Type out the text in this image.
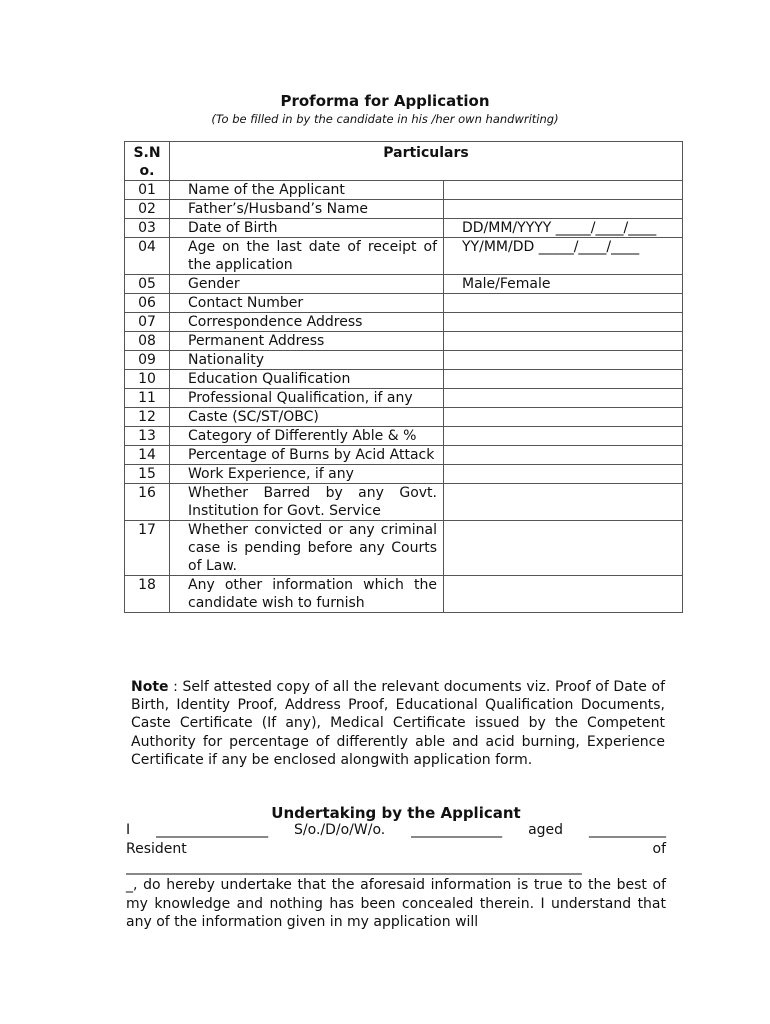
Proforma for Application
(To be filled in by the candidate in his /her own handwriting)
S.N o.	Particulars	
01	Name of the Applicant	
02	Father’s/Husband’s Name	
03	Date of Birth	DD/MM/YYYY _____/____/____
04	Age on the last date of receipt of the application	YY/MM/DD _____/____/____
05	Gender	Male/Female
06	Contact Number	
07	Correspondence Address	
08	Permanent Address	
09	Nationality	
10	Education Qualification	
11	Professional Qualification, if any	
12	Caste (SC/ST/OBC)	
13	Category of Differently Able & %	
14	Percentage of Burns by Acid Attack	
15	Work Experience, if any	
16	Whether Barred by any Govt. Institution for Govt. Service	
17	Whether convicted or any criminal case is pending before any Courts of Law.	
18	Any other information which the candidate wish to furnish	
Note : Self attested copy of all the relevant documents viz. Proof of Date of Birth, Identity Proof, Address Proof, Educational Qualification Documents, Caste Certificate (If any), Medical Certificate issued by the Competent Authority for percentage of differently able and acid burning, Experience Certificate if any be enclosed alongwith application form.
Undertaking by the Applicant
I ________________ S/o./D/o/W/o. _____________ aged ___________
Resident	of
_____________________________________________________________________
_, do hereby undertake that the aforesaid information is true to the best of my knowledge and nothing has been concealed therein. I understand that any of the information given in my application will
